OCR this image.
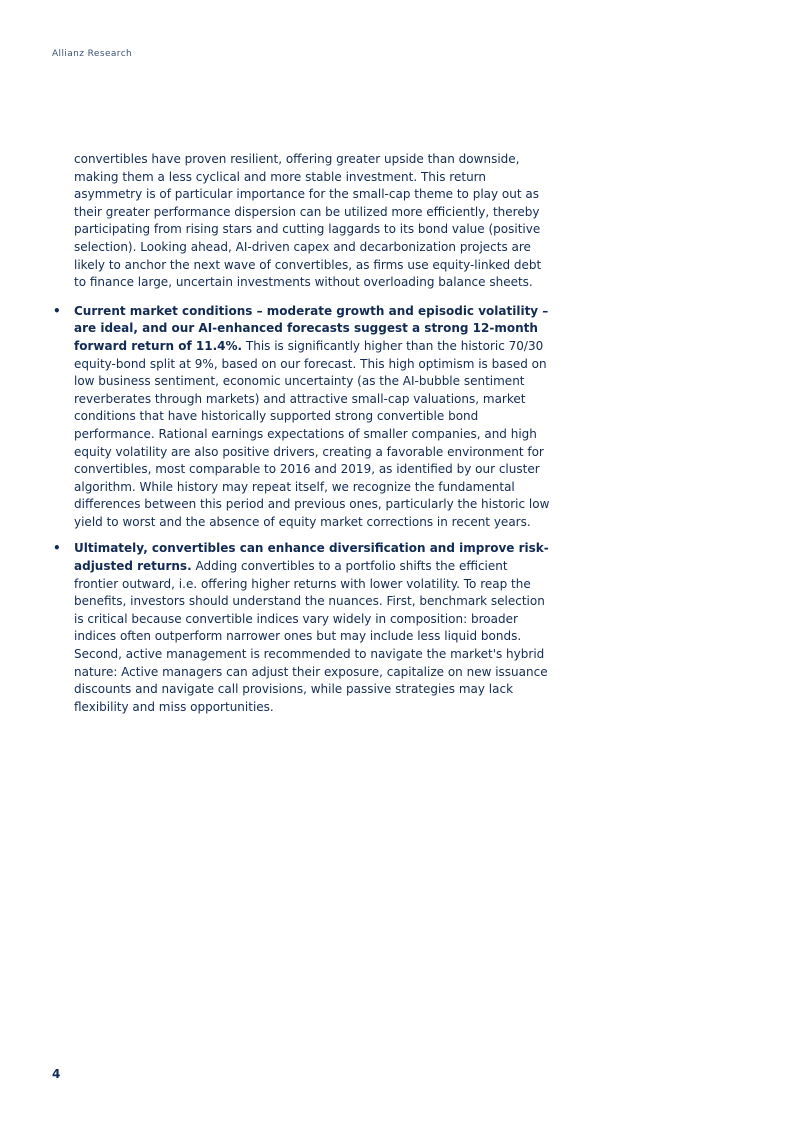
Allianz Research

convertibles have proven resilient, offering greater upside than downside, making them a less cyclical and more stable investment. This return asymmetry is of particular importance for the small-cap theme to play out as their greater performance dispersion can be utilized more efficiently, thereby participating from rising stars and cutting laggards to its bond value (positive selection). Looking ahead, AI-driven capex and decarbonization projects are likely to anchor the next wave of convertibles, as firms use equity-linked debt to finance large, uncertain investments without overloading balance sheets.

• Current market conditions – moderate growth and episodic volatility – are ideal, and our AI-enhanced forecasts suggest a strong 12-month forward return of 11.4%. This is significantly higher than the historic 70/30 equity-bond split at 9%, based on our forecast. This high optimism is based on low business sentiment, economic uncertainty (as the AI-bubble sentiment reverberates through markets) and attractive small-cap valuations, market conditions that have historically supported strong convertible bond performance. Rational earnings expectations of smaller companies, and high equity volatility are also positive drivers, creating a favorable environment for convertibles, most comparable to 2016 and 2019, as identified by our cluster algorithm. While history may repeat itself, we recognize the fundamental differences between this period and previous ones, particularly the historic low yield to worst and the absence of equity market corrections in recent years.
• Ultimately, convertibles can enhance diversification and improve risk-adjusted returns. Adding convertibles to a portfolio shifts the efficient frontier outward, i.e. offering higher returns with lower volatility. To reap the benefits, investors should understand the nuances. First, benchmark selection is critical because convertible indices vary widely in composition: broader indices often outperform narrower ones but may include less liquid bonds. Second, active management is recommended to navigate the market's hybrid nature: Active managers can adjust their exposure, capitalize on new issuance discounts and navigate call provisions, while passive strategies may lack flexibility and miss opportunities.
4
